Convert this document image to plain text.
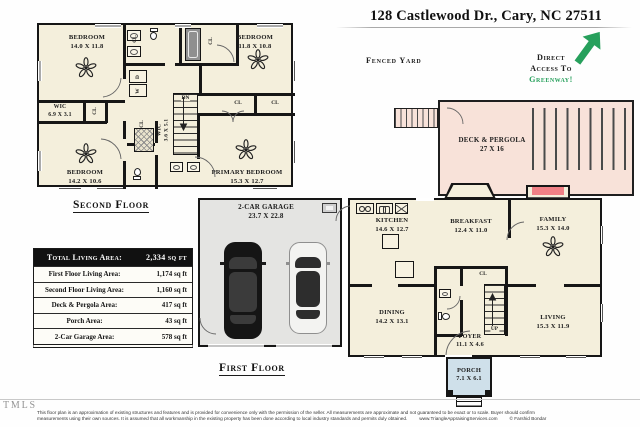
128 Castlewood Dr., Cary, NC 27511
Fenced Yard	Direct
Access To
Greenway!
DN
D
W
BEDROOM
14.0 X 11.8
BEDROOM
11.8 X 10.8
WIC
6.9 X 3.1
BEDROOM
14.2 X 10.6
PRIMARY BEDROOM
15.3 X 12.7
WIC 3.6 X 5.1
CL	CL
CL
CL
CL	CL
Second Floor
Total Living Area:	2,334 sq ft
First Floor Living Area:	1,174 sq ft
Second Floor Living Area:	1,160 sq ft
Deck & Pergola Area:	417 sq ft
Porch Area:	43 sq ft
2-Car Garage Area:	578 sq ft
DECK & PERGOLA
27 X 16
2-CAR GARAGE
23.7 X 22.8
UP
CL
KITCHEN
14.6 X 12.7
BREAKFAST
12.4 X 11.0
FAMILY
15.3 X 14.0
DINING
14.2 X 13.1
LIVING
15.3 X 11.9
FOYER
11.1 X 4.6
PORCH
7.1 X 6.1
First Floor
TMLS
This floor plan is an approximation of existing structures and features and is provided for convenience only with the permission of the seller. All measurements are approximate and not guaranteed to be exact or to scale. Buyer should confirm
measurements using their own sources. It is assumed that all workmanship in the existing property has been done according to local industry standards and permits duly obtained.	www.TriangleAppraisingServices.com	© Farshid Bondar
